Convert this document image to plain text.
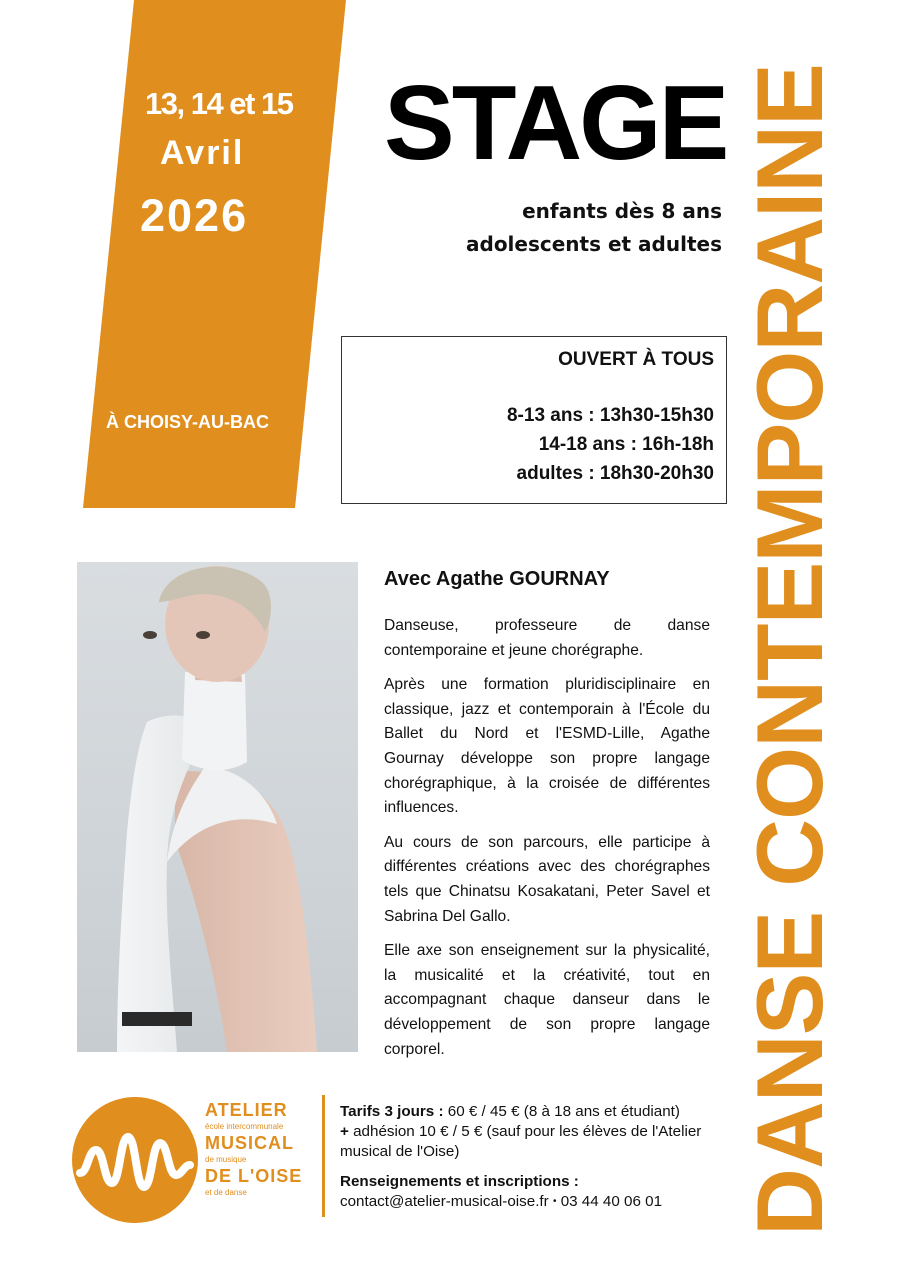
13, 14 et 15
Avril
2026
À CHOISY-AU-BAC
STAGE
enfants dès 8 ans
adolescents et adultes DANSE CONTEMPORAINE
OUVERT À TOUS
8-13 ans : 13h30-15h30
14-18 ans : 16h-18h
adultes : 18h30-20h30
Avec Agathe GOURNAY

Danseuse, professeure de danse contemporaine et jeune chorégraphe.

Après une formation pluridisciplinaire en classique, jazz et contemporain à l'École du Ballet du Nord et l'ESMD-Lille, Agathe Gournay développe son propre langage chorégraphique, à la croisée de différentes influences.

Au cours de son parcours, elle participe à différentes créations avec des chorégraphes tels que Chinatsu Kosakatani, Peter Savel et Sabrina Del Gallo.

Elle axe son enseignement sur la physicalité, la musicalité et la créativité, tout en accompagnant chaque danseur dans le développement de son propre langage corporel.

ATELIER
école intercommunale
MUSICAL
de musique
DE L'OISE
et de danse
Tarifs 3 jours : 60 € / 45 € (8 à 18 ans et étudiant)
+ adhésion 10 € / 5 € (sauf pour les élèves de l'Atelier musical de l'Oise)
Renseignements et inscriptions :
contact@atelier-musical-oise.fr • 03 44 40 06 01
